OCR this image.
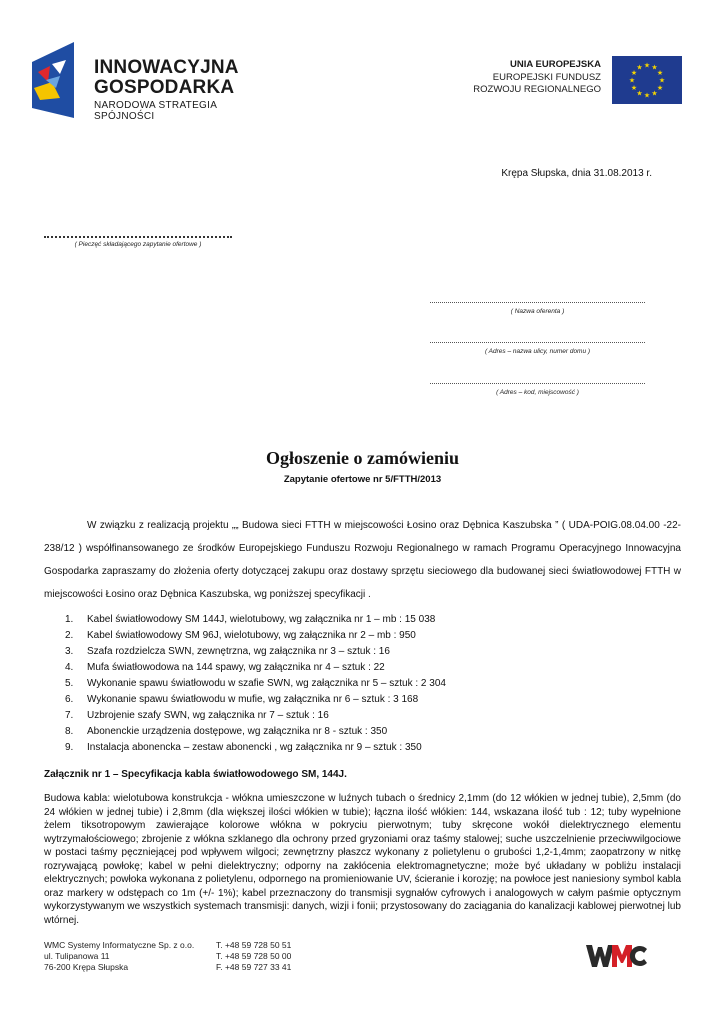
INNOWACYJNA
GOSPODARKA
NARODOWA STRATEGIA SPÓJNOŚCI
UNIA EUROPEJSKA
EUROPEJSKI FUNDUSZ
ROZWOJU REGIONALNEGO
★ ★
★
★
★
★
★
★
★
★
★
★
Krępa Słupska, dnia 31.08.2013 r.
( Pieczęć składającego zapytanie ofertowe )
( Nazwa oferenta )
( Adres – nazwa ulicy, numer domu )
( Adres – kod, miejscowość )
Ogłoszenie o zamówieniu
Zapytanie ofertowe nr 5/FTTH/2013

W związku z realizacją projektu „„ Budowa sieci FTTH w miejscowości Łosino oraz Dębnica Kaszubska ” ( UDA-POIG.08.04.00 -22-238/12 ) współfinansowanego ze środków Europejskiego Funduszu Rozwoju Regionalnego w ramach Programu Operacyjnego Innowacyjna Gospodarka zapraszamy do złożenia oferty dotyczącej zakupu oraz dostawy sprzętu sieciowego dla budowanej sieci światłowodowej FTTH w miejscowości Łosino oraz Dębnica Kaszubska, wg poniższej specyfikacji .

1. Kabel światłowodowy SM 144J, wielotubowy, wg załącznika nr 1 – mb : 15 038
2. Kabel światłowodowy SM 96J, wielotubowy, wg załącznika nr 2 – mb : 950
3. Szafa rozdzielcza SWN, zewnętrzna, wg załącznika nr 3 – sztuk : 16
4. Mufa światłowodowa na 144 spawy, wg załącznika nr 4 – sztuk : 22
5. Wykonanie spawu światłowodu w szafie SWN, wg załącznika nr 5 – sztuk : 2 304
6. Wykonanie spawu światłowodu w mufie, wg załącznika nr 6 – sztuk : 3 168
7. Uzbrojenie szafy SWN, wg załącznika nr 7 – sztuk : 16
8. Abonenckie urządzenia dostępowe, wg załącznika nr 8 - sztuk : 350
9. Instalacja abonencka – zestaw abonencki , wg załącznika nr 9 – sztuk : 350
Załącznik nr 1 – Specyfikacja kabla światłowodowego SM, 144J.

Budowa kabla: wielotubowa konstrukcja - włókna umieszczone w luźnych tubach o średnicy 2,1mm (do 12 włókien w jednej tubie), 2,5mm (do 24 włókien w jednej tubie) i 2,8mm (dla większej ilości włókien w tubie); łączna ilość włókien: 144, wskazana ilość tub : 12; tuby wypełnione żelem tiksotropowym zawierające kolorowe włókna w pokryciu pierwotnym; tuby skręcone wokół dielektrycznego elementu wytrzymałościowego; zbrojenie z włókna szklanego dla ochrony przed gryzoniami oraz taśmy stalowej; suche uszczelnienie przeciwwilgociowe w postaci taśmy pęczniejącej pod wpływem wilgoci; zewnętrzny płaszcz wykonany z polietylenu o grubości 1,2-1,4mm; zaopatrzony w nitkę rozrywającą powłokę; kabel w pełni dielektryczny; odporny na zakłócenia elektromagnetyczne; może być układany w pobliżu instalacji elektrycznych; powłoka wykonana z polietylenu, odpornego na promieniowanie UV, ścieranie i korozję; na powłoce jest naniesiony symbol kabla oraz markery w odstępach co 1m (+/- 1%); kabel przeznaczony do transmisji sygnałów cyfrowych i analogowych w całym paśmie optycznym wykorzystywanym we wszystkich systemach transmisji: danych, wizji i fonii; przystosowany do zaciągania do kanalizacji kablowej pierwotnej lub wtórnej.

WMC Systemy Informatyczne Sp. z o.o.
ul. Tulipanowa 11
76-200 Krępa Słupska
T. +48 59 728 50 51
T. +48 59 728 50 00
F. +48 59 727 33 41
